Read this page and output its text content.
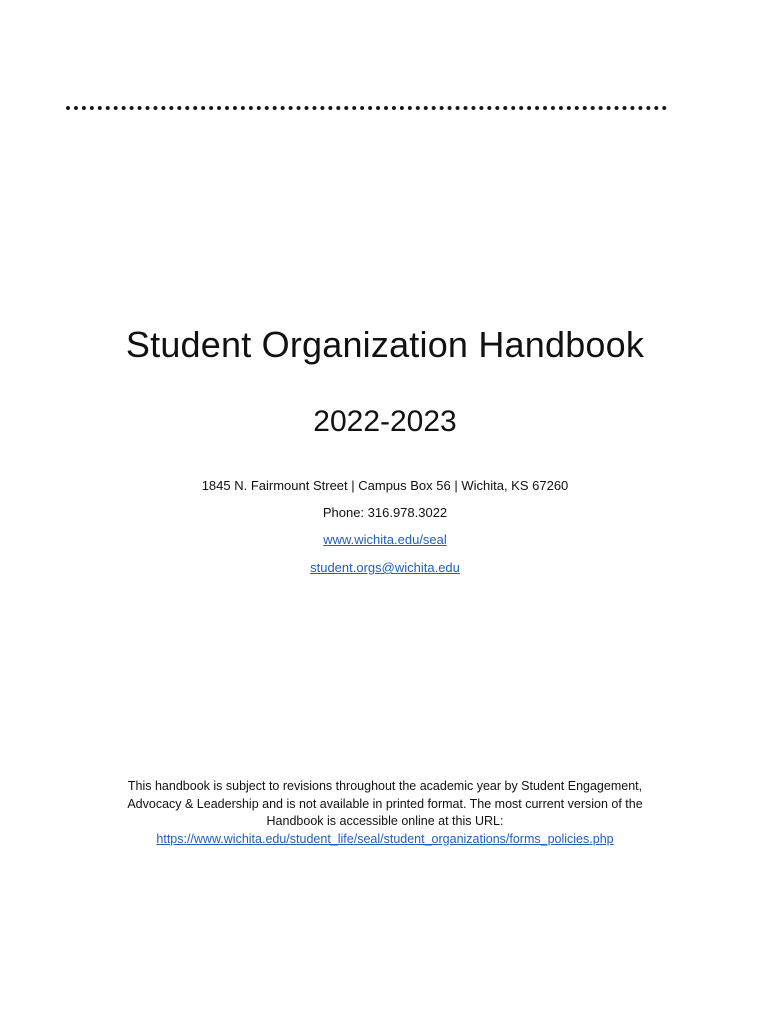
Student Organization Handbook
2022-2023
1845 N. Fairmount Street | Campus Box 56 | Wichita, KS 67260
Phone: 316.978.3022
www.wichita.edu/seal
student.orgs@wichita.edu
This handbook is subject to revisions throughout the academic year by Student Engagement, Advocacy & Leadership and is not available in printed format. The most current version of the Handbook is accessible online at this URL:
https://www.wichita.edu/student_life/seal/student_organizations/forms_policies.php
